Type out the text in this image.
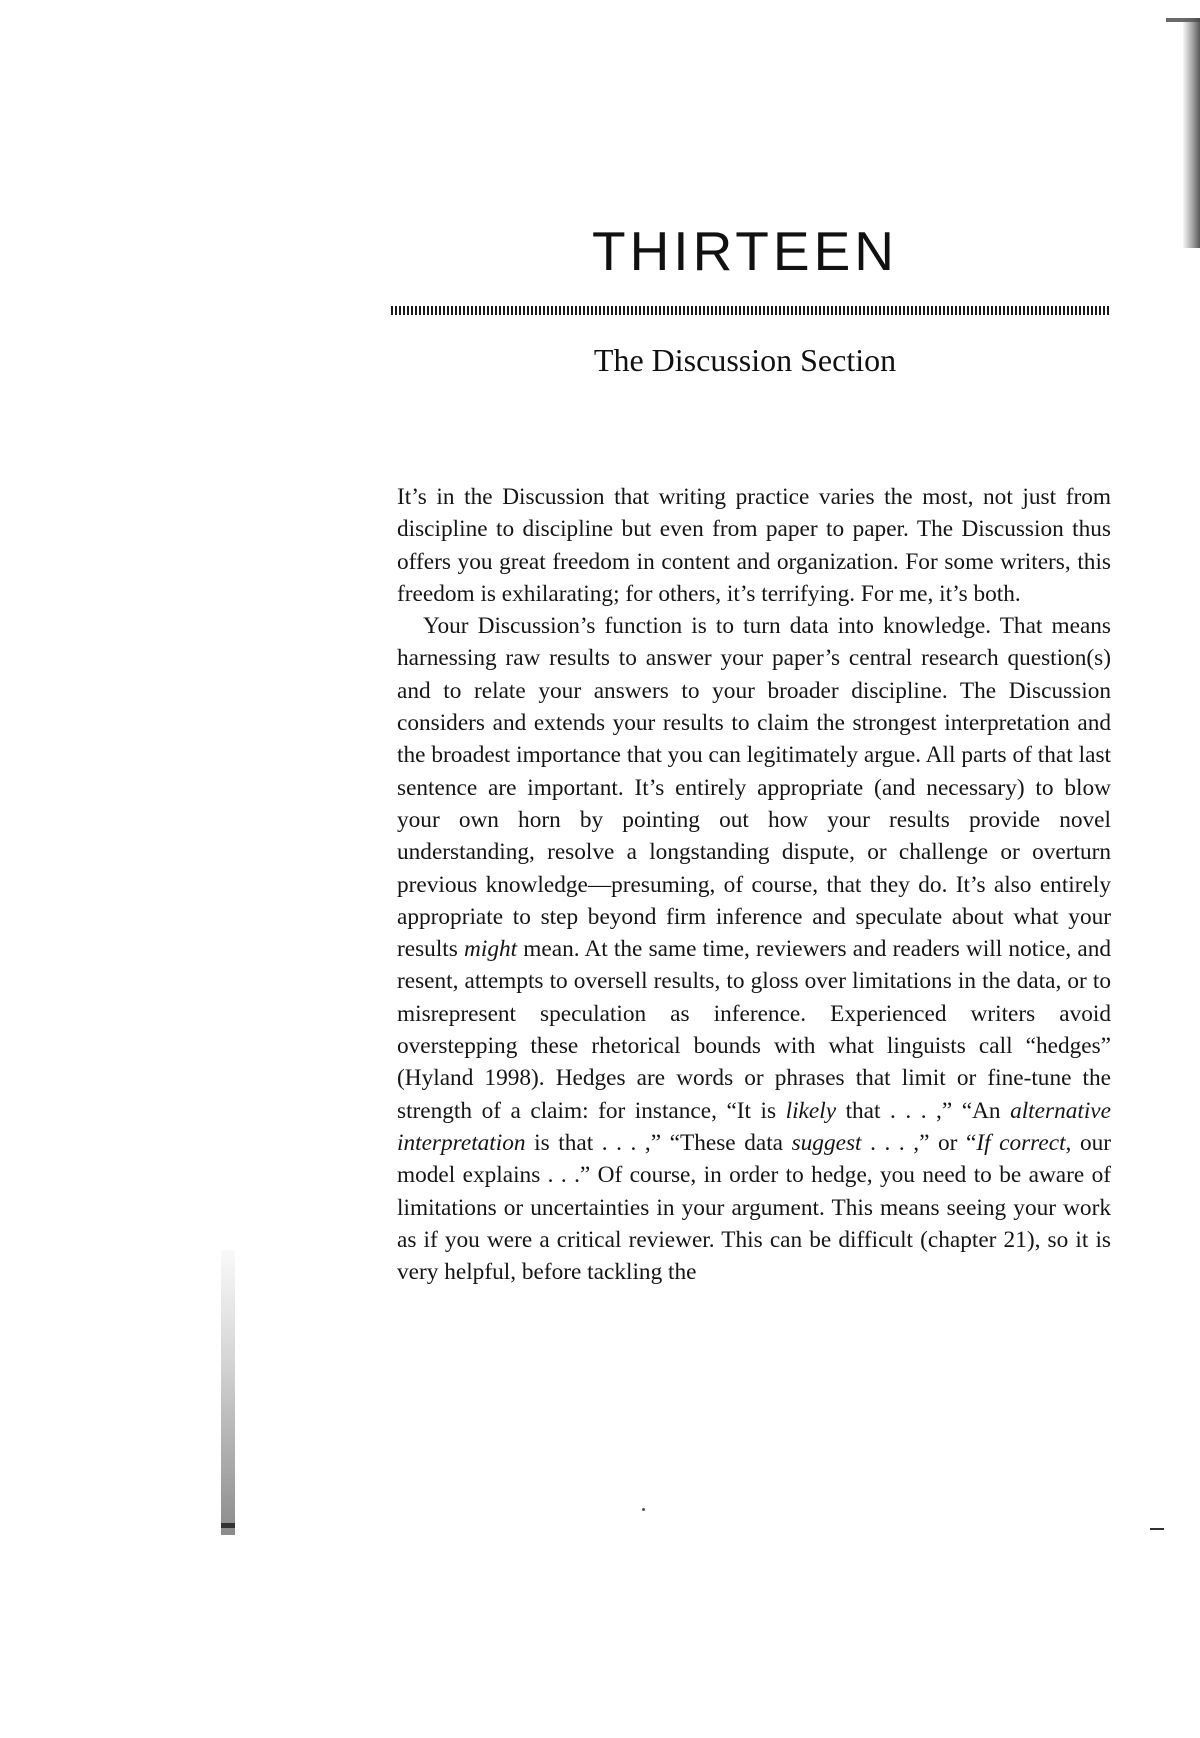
THIRTEEN
The Discussion Section

It’s in the Discussion that writing practice varies the most, not just from discipline to discipline but even from paper to paper. The Discussion thus offers you great freedom in content and organization. For some writers, this freedom is exhilarating; for others, it’s terrifying. For me, it’s both.

Your Discussion’s function is to turn data into knowledge. That means harnessing raw results to answer your paper’s central research question(s) and to relate your answers to your broader discipline. The Discussion considers and extends your results to claim the strongest interpretation and the broadest importance that you can legitimately argue. All parts of that last sentence are important. It’s entirely appropriate (and necessary) to blow your own horn by pointing out how your results provide novel understanding, resolve a longstanding dispute, or challenge or overturn previous knowledge—presuming, of course, that they do. It’s also entirely appropriate to step beyond firm inference and speculate about what your results might mean. At the same time, reviewers and readers will notice, and resent, attempts to oversell results, to gloss over limitations in the data, or to misrepresent speculation as inference. Experienced writers avoid overstepping these rhetorical bounds with what linguists call “hedges” (Hyland 1998). Hedges are words or phrases that limit or fine-tune the strength of a claim: for instance, “It is likely that . . . ,” “An alternative interpretation is that . . . ,” “These data suggest . . . ,” or “If correct, our model explains . . .” Of course, in order to hedge, you need to be aware of limitations or uncertainties in your argument. This means seeing your work as if you were a critical reviewer. This can be difficult (chapter 21), so it is very helpful, before tackling the
